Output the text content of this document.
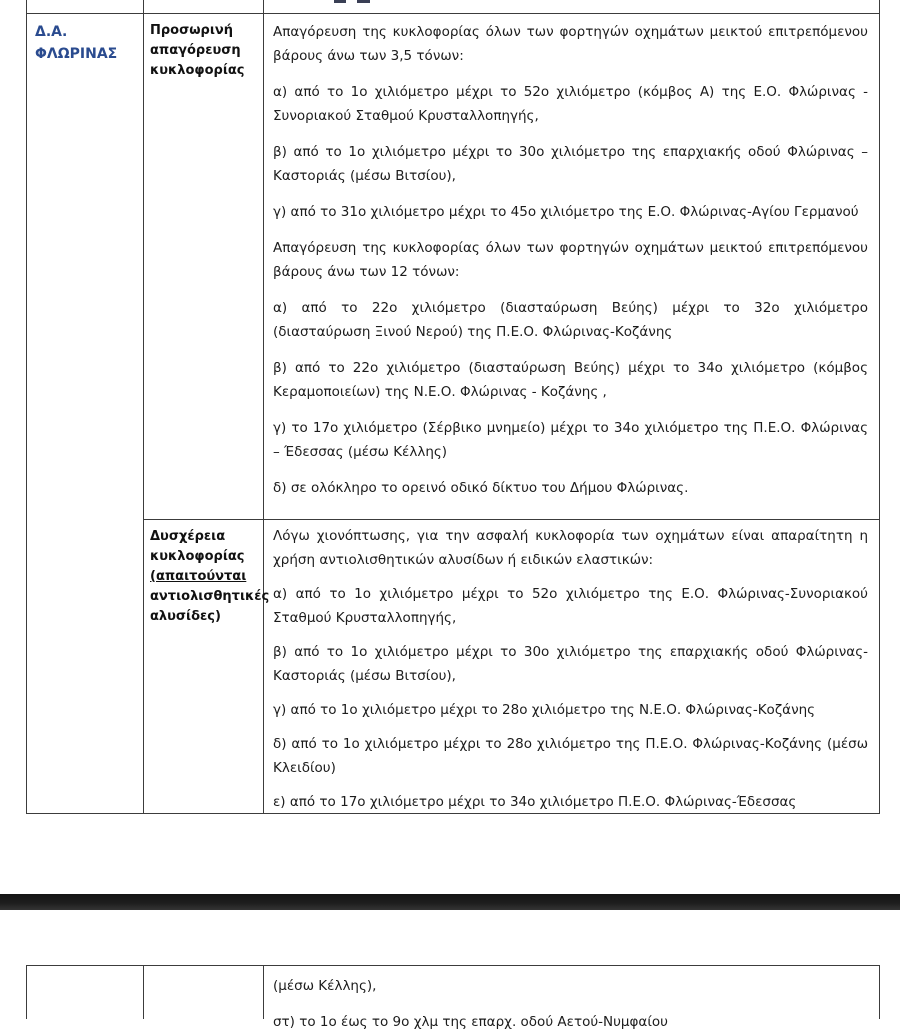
Δ.Α.
ΦΛΩΡΙΝΑΣ
Προσωρινή απαγόρευση κυκλοφορίας

Απαγόρευση της κυκλοφορίας όλων των φορτηγών οχημάτων μεικτού επιτρεπόμενου βάρους άνω των 3,5 τόνων:

α) από το 1ο χιλιόμετρο μέχρι το 52ο χιλιόμετρο (κόμβος Α) της Ε.Ο. Φλώρινας - Συνοριακού Σταθμού Κρυσταλλοπηγής,

β) από το 1ο χιλιόμετρο μέχρι το 30ο χιλιόμετρο της επαρχιακής οδού Φλώρινας – Καστοριάς (μέσω Βιτσίου),

γ) από το 31ο χιλιόμετρο μέχρι το 45ο χιλιόμετρο της Ε.Ο. Φλώρινας-Αγίου Γερμανού

Απαγόρευση της κυκλοφορίας όλων των φορτηγών οχημάτων μεικτού επιτρεπόμενου βάρους άνω των 12 τόνων:

α) από το 22ο χιλιόμετρο (διασταύρωση Βεύης) μέχρι το 32ο χιλιόμετρο (διασταύρωση Ξινού Νερού) της Π.Ε.Ο. Φλώρινας-Κοζάνης

β) από το 22ο χιλιόμετρο (διασταύρωση Βεύης) μέχρι το 34ο χιλιόμετρο (κόμβος Κεραμοποιείων) της Ν.Ε.Ο. Φλώρινας - Κοζάνης ,

γ) το 17ο χιλιόμετρο (Σέρβικο μνημείο) μέχρι το 34ο χιλιόμετρο της Π.Ε.Ο. Φλώρινας – Έδεσσας (μέσω Κέλλης)

δ) σε ολόκληρο το ορεινό οδικό δίκτυο του Δήμου Φλώρινας.

Δυσχέρεια κυκλοφορίας (απαιτούνται αντιολισθητικές αλυσίδες)

Λόγω χιονόπτωσης, για την ασφαλή κυκλοφορία των οχημάτων είναι απαραίτητη η χρήση αντιολισθητικών αλυσίδων ή ειδικών ελαστικών:

α) από το 1ο χιλιόμετρο μέχρι το 52ο χιλιόμετρο της Ε.Ο. Φλώρινας-Συνοριακού Σταθμού Κρυσταλλοπηγής,

β) από το 1ο χιλιόμετρο μέχρι το 30ο χιλιόμετρο της επαρχιακής οδού Φλώρινας-Καστοριάς (μέσω Βιτσίου),

γ) από το 1ο χιλιόμετρο μέχρι το 28ο χιλιόμετρο της Ν.Ε.Ο. Φλώρινας-Κοζάνης

δ) από το 1ο χιλιόμετρο μέχρι το 28ο χιλιόμετρο της Π.Ε.Ο. Φλώρινας-Κοζάνης (μέσω Κλειδίου)

ε) από το 17ο χιλιόμετρο μέχρι το 34ο χιλιόμετρο Π.Ε.Ο. Φλώρινας-Έδεσσας

(μέσω Κέλλης),

στ) το 1ο έως το 9ο χλμ της επαρχ. οδού Αετού-Νυμφαίου
